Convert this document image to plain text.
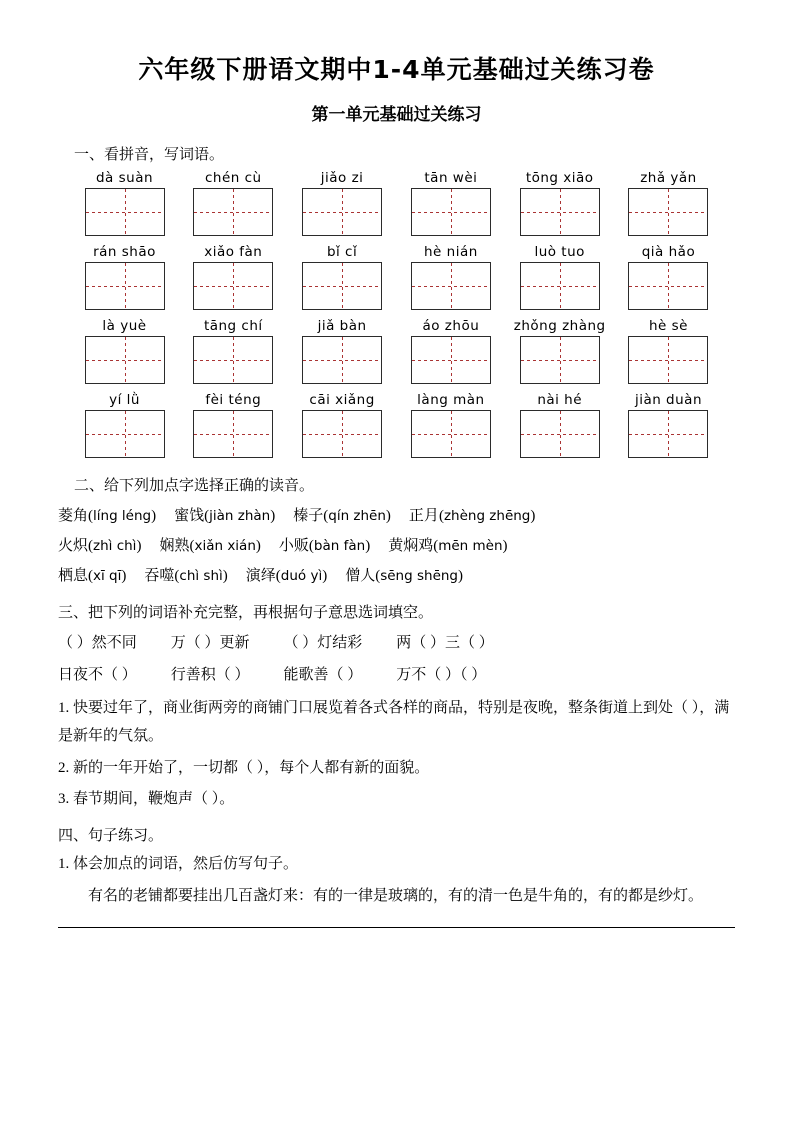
六年级下册语文期中1-4单元基础过关练习卷
第一单元基础过关练习
一、看拼音，写词语。
dà suàn	chén cù	jiǎo zi	tān wèi	tōng xiāo	zhǎ yǎn
rán shāo	xiǎo fàn	bǐ cǐ	hè nián	luò tuo	qià hǎo
là yuè	tāng chí	jiǎ bàn	áo zhōu	zhǒng zhàng	hè sè
yí lǜ	fèi téng	cāi xiǎng	làng màn	nài hé	jiàn duàn
二、给下列加点字选择正确的读音。
菱角(líng léng) 蜜饯(jiàn zhàn) 榛子(qín zhēn) 正月(zhèng zhēng)
火炽(zhì chì) 娴熟(xiǎn xián) 小贩(bàn fàn) 黄焖鸡(mēn mèn)
栖息(xī qī) 吞噬(chì shì) 演绎(duó yì) 僧人(sēng shēng)
三、把下列的词语补充完整，再根据句子意思选词填空。
（ ）然不同 万（ ）更新 （ ）灯结彩 两（ ）三（ ）
日夜不（ ） 行善积（ ） 能歌善（ ） 万不（ ）（ ）
1. 快要过年了，商业街两旁的商铺门口展览着各式各样的商品，特别是夜晚，整条街道上到处（ ），满是新年的气氛。
2. 新的一年开始了，一切都（ ），每个人都有新的面貌。
3. 春节期间，鞭炮声（ ）。
四、句子练习。
1. 体会加点的词语，然后仿写句子。
有名的老铺都要挂出几百盏灯来：有的一律是玻璃的，有的清一色是牛角的，有的都是纱灯。
